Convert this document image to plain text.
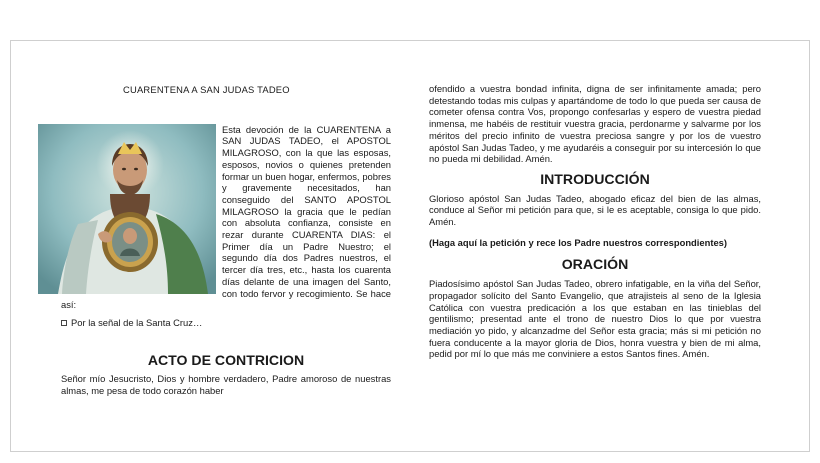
CUARENTENA A SAN JUDAS TADEO

Esta devoción de la CUARENTENA a SAN JUDAS TADEO, el APOSTOL MILAGROSO, con la que las esposas, esposos, novios o quienes pretenden formar un buen hogar, enfermos, pobres y gravemente necesitados, han conseguido del SANTO APOSTOL MILAGROSO la gracia que le pedían con absoluta confianza, consiste en rezar durante CUARENTA DIAS: el Primer día un Padre Nuestro; el segundo día dos Padres nuestros, el tercer día tres, etc., hasta los cuarenta días delante de una imagen del Santo, con todo fervor y recogimiento. Se hace así:

Por la señal de la Santa Cruz…
ACTO DE CONTRICION

Señor mío Jesucristo, Dios y hombre verdadero, Padre amoroso de nuestras almas, me pesa de todo corazón haber

ofendido a vuestra bondad infinita, digna de ser infinitamente amada; pero detestando todas mis culpas y apartándome de todo lo que pueda ser causa de cometer ofensa contra Vos, propongo confesarlas y espero de vuestra piedad inmensa, me habéis de restituir vuestra gracia, perdonarme y salvarme por los méritos del precio infinito de vuestra preciosa sangre y por los de vuestro apóstol San Judas Tadeo, y me ayudaréis a conseguir por su intercesión lo que no pueda mi debilidad. Amén.

INTRODUCCIÓN

Glorioso apóstol San Judas Tadeo, abogado eficaz del bien de las almas, conduce al Señor mi petición para que, si le es aceptable, consiga lo que pido. Amén.

(Haga aquí la petición y rece los Padre nuestros correspondientes)

ORACIÓN

Piadosísimo apóstol San Judas Tadeo, obrero infatigable, en la viña del Señor, propagador solícito del Santo Evangelio, que atrajisteis al seno de la Iglesia Católica con vuestra predicación a los que estaban en las tinieblas del gentilismo; presentad ante el trono de nuestro Dios lo que por vuestra mediación yo pido, y alcanzadme del Señor esta gracia; más si mi petición no fuera conducente a la mayor gloria de Dios, honra vuestra y bien de mi alma, pedid por mí lo que más me conviniere a estos Santos fines. Amén.
